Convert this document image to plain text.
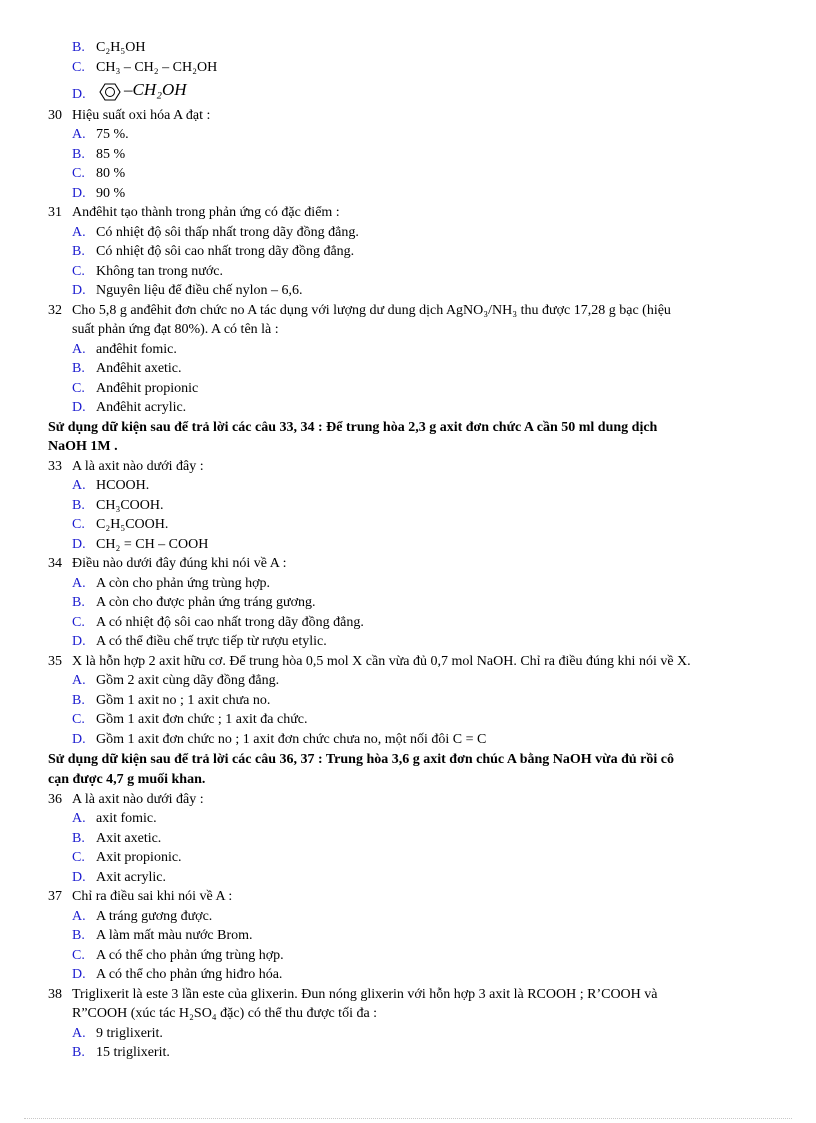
B. C₂H₅OH
C. CH₃ – CH₂ – CH₂OH
D. –CH₂OH
30 Hiệu suất oxi hóa A đạt :
A. 75 %.
B. 85 %
C. 80 %
D. 90 %
31 Anđêhit tạo thành trong phản ứng có đặc điểm :
A. Có nhiệt độ sôi thấp nhất trong dãy đồng đẳng.
B. Có nhiệt độ sôi cao nhất trong dãy đồng đẳng.
C. Không tan trong nước.
D. Nguyên liệu để điều chế nylon – 6,6.
32 Cho 5,8 g anđêhit đơn chức no A tác dụng với lượng dư dung dịch AgNO₃/NH₃ thu được 17,28 g bạc (hiệu
suất phản ứng đạt 80%). A có tên là :
A. anđêhit fomic.
B. Anđêhit axetic.
C. Anđêhit propionic
D. Anđêhit acrylic.
Sử dụng dữ kiện sau để trả lời các câu 33, 34 : Để trung hòa 2,3 g axit đơn chức A cần 50 ml dung dịch
NaOH 1M .
33 A là axit nào dưới đây :
A. HCOOH.
B. CH₃COOH.
C. C₂H₅COOH.
D. CH₂ = CH – COOH
34 Điều nào dưới đây đúng khi nói về A :
A. A còn cho phản ứng trùng hợp.
B. A còn cho được phản ứng tráng gương.
C. A có nhiệt độ sôi cao nhất trong dãy đồng đẳng.
D. A có thể điều chế trực tiếp từ rượu etylic.
35 X là hỗn hợp 2 axit hữu cơ. Để trung hòa 0,5 mol X cần vừa đủ 0,7 mol NaOH. Chỉ ra điều đúng khi nói về X.
A. Gồm 2 axit cùng dãy đồng đẳng.
B. Gồm 1 axit no ; 1 axit chưa no.
C. Gồm 1 axit đơn chức ; 1 axit đa chức.
D. Gồm 1 axit đơn chức no ; 1 axit đơn chức chưa no, một nối đôi C = C
Sử dụng dữ kiện sau để trả lời các câu 36, 37 : Trung hòa 3,6 g axit đơn chúc A bằng NaOH vừa đủ rồi cô
cạn được 4,7 g muối khan.
36 A là axit nào dưới đây :
A. axit fomic.
B. Axit axetic.
C. Axit propionic.
D. Axit acrylic.
37 Chỉ ra điều sai khi nói về A :
A. A tráng gương được.
B. A làm mất màu nước Brom.
C. A có thể cho phản ứng trùng hợp.
D. A có thể cho phản ứng hiđro hóa.
38 Triglixerit là este 3 lần este của glixerin. Đun nóng glixerin với hỗn hợp 3 axit là RCOOH ; R’COOH và
R”COOH (xúc tác H₂SO₄ đặc) có thể thu được tối đa :
A. 9 triglixerit.
B. 15 triglixerit.
